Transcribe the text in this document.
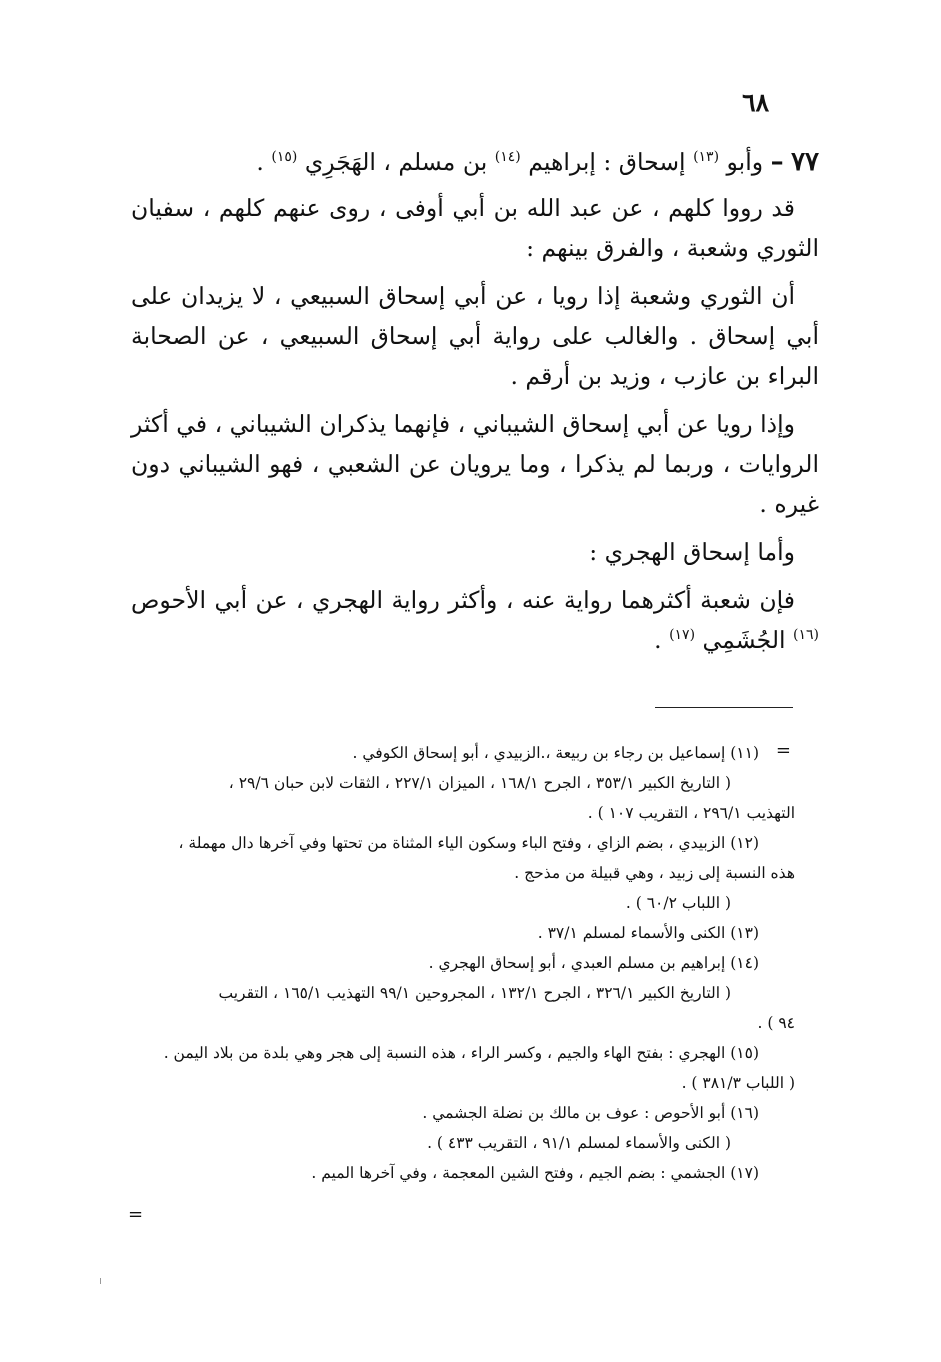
٦٨

٧٧ – وأبو $^{(١٣)}$ إسحاق : إبراهيم $^{(١٤)}$ بن مسلم ، الهَجَرِي $^{(١٥)}$ .

قد رووا كلهم ، عن عبد الله بن أبي أوفى ، روى عنهم كلهم ، سفيان الثوري وشعبة ، والفرق بينهم :

أن الثوري وشعبة إذا رويا ، عن أبي إسحاق السبيعي ، لا يزيدان على أبي إسحاق . والغالب على رواية أبي إسحاق السبيعي ، عن الصحابة البراء بن عازب ، وزيد بن أرقم .

وإذا رويا عن أبي إسحاق الشيباني ، فإنهما يذكران الشيباني ، في أكثر الروايات ، وربما لم يذكرا ، وما يرويان عن الشعبي ، فهو الشيباني دون غيره .

وأما إسحاق الهجري :

فإن شعبة أكثرهما رواية عنه ، وأكثر رواية الهجري ، عن أبي الأحوص $^{(١٦)}$ الجُشَمِي $^{(١٧)}$ .

=

(١١) إسماعيل بن رجاء بن ربيعة ،.الزبيدي ، أبو إسحاق الكوفي .

( التاريخ الكبير ٣٥٣/١ ، الجرح ١٦٨/١ ، الميزان ٢٢٧/١ ، الثقات لابن حبان ٢٩/٦ ،

التهذيب ٢٩٦/١ ، التقريب ١٠٧ ) .

(١٢) الزبيدي ، بضم الزاي ، وفتح الباء وسكون الياء المثناة من تحتها وفي آخرها دال مهملة ،

هذه النسبة إلى زبيد ، وهي قبيلة من مذحج .

( اللباب ٦٠/٢ ) .

(١٣) الكنى والأسماء لمسلم ٣٧/١ .

(١٤) إبراهيم بن مسلم العبدي ، أبو إسحاق الهجري .

( التاريخ الكبير ٣٢٦/١ ، الجرح ١٣٢/١ ، المجروحين ٩٩/١ التهذيب ١٦٥/١ ، التقريب

٩٤ ) .

(١٥) الهجري : بفتح الهاء والجيم ، وكسر الراء ، هذه النسبة إلى هجر وهي بلدة من بلاد اليمن .

( اللباب ٣٨١/٣ ) .

(١٦) أبو الأحوص : عوف بن مالك بن نضلة الجشمي .

( الكنى والأسماء لمسلم ٩١/١ ، التقريب ٤٣٣ ) .

(١٧) الجشمي : بضم الجيم ، وفتح الشين المعجمة ، وفي آخرها الميم .

=
